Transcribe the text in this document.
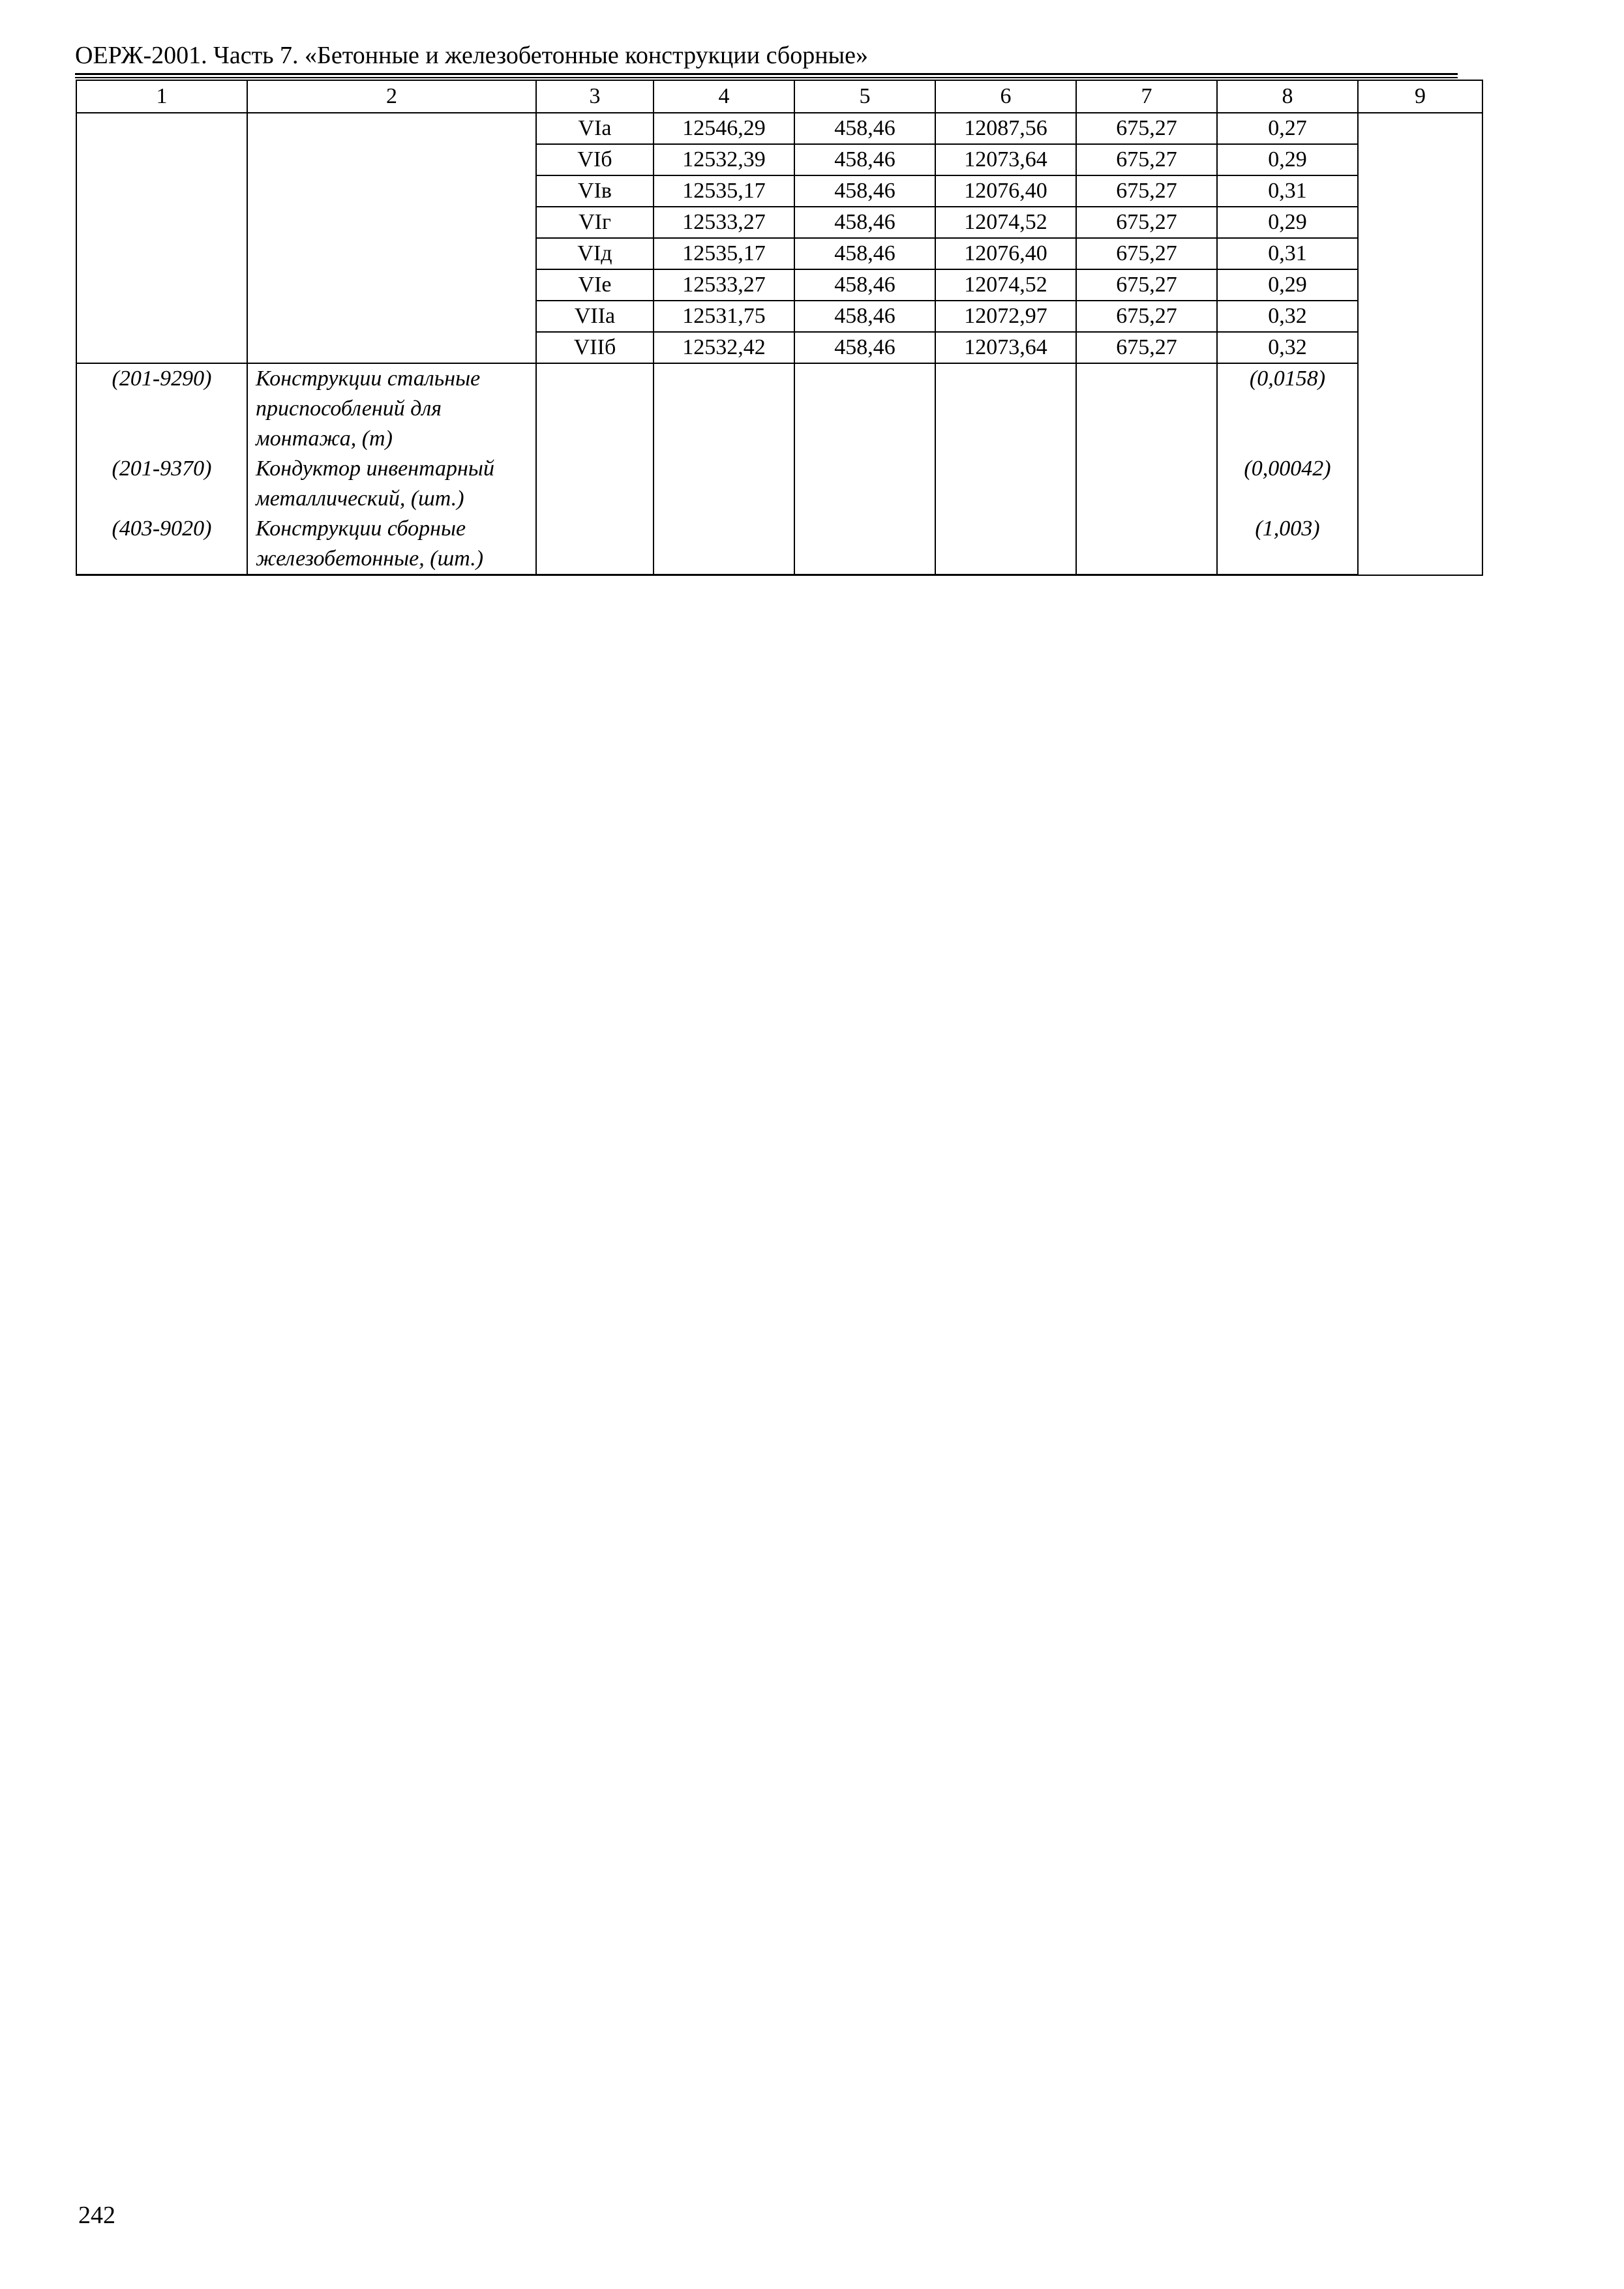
ОЕРЖ-2001. Часть 7. «Бетонные и железобетонные конструкции сборные»
1	2	3	4	5	6	7	8	9
		VIа	12546,29	458,46	12087,56	675,27	0,27	
		VIб	12532,39	458,46	12073,64	675,27	0,29	
		VIв	12535,17	458,46	12076,40	675,27	0,31	
		VIг	12533,27	458,46	12074,52	675,27	0,29	
		VIд	12535,17	458,46	12076,40	675,27	0,31	
		VIе	12533,27	458,46	12074,52	675,27	0,29	
		VIIа	12531,75	458,46	12072,97	675,27	0,32	
		VIIб	12532,42	458,46	12073,64	675,27	0,32	
(201-9290)	Конструкции стальные приспособлений для монтажа, (т)						(0,0158)	
(201-9370)	Кондуктор инвентарный металлический, (шт.)						(0,00042)	
(403-9020)	Конструкции сборные железобетонные, (шт.)						(1,003)	
242
